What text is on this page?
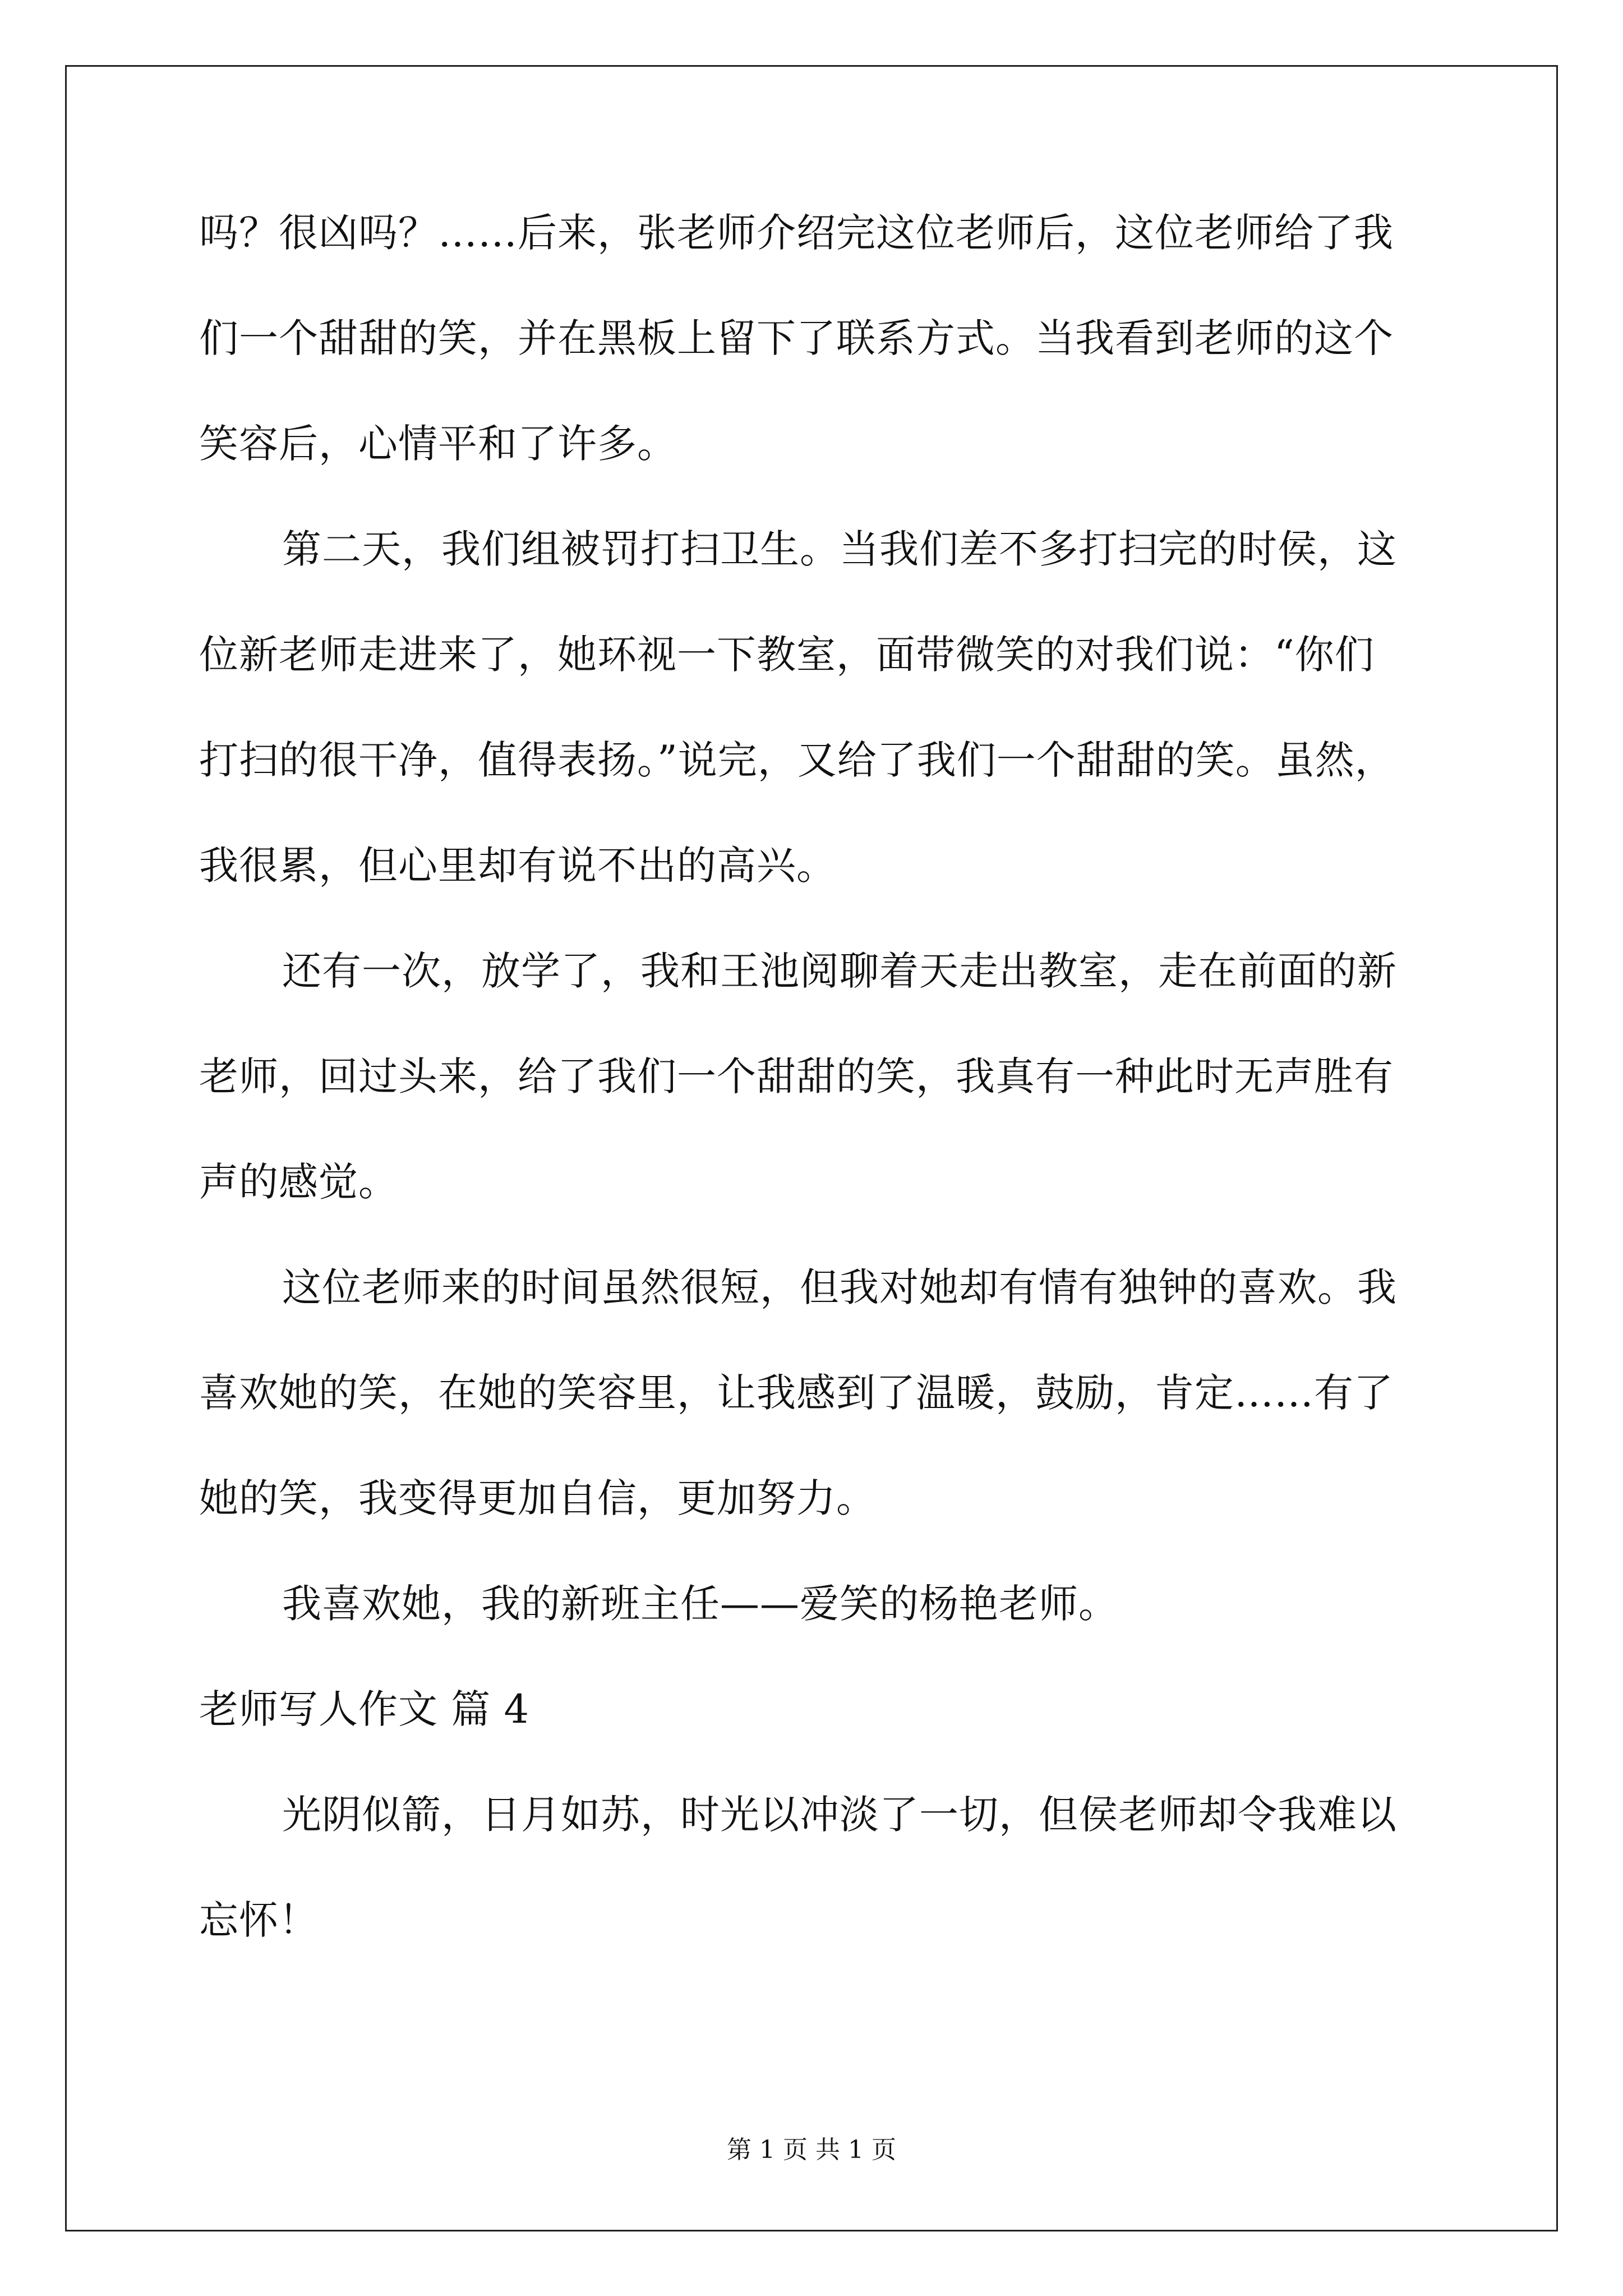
吗？很凶吗？……后来，张老师介绍完这位老师后，这位老师给了我
们一个甜甜的笑，并在黑板上留下了联系方式。当我看到老师的这个
笑容后，心情平和了许多。
第二天，我们组被罚打扫卫生。当我们差不多打扫完的时侯，这
位新老师走进来了，她环视一下教室，面带微笑的对我们说：“你们
打扫的很干净，值得表扬。”说完，又给了我们一个甜甜的笑。虽然，
我很累，但心里却有说不出的高兴。
还有一次，放学了，我和王池阅聊着天走出教室，走在前面的新
老师，回过头来，给了我们一个甜甜的笑，我真有一种此时无声胜有
声的感觉。
这位老师来的时间虽然很短，但我对她却有情有独钟的喜欢。我
喜欢她的笑，在她的笑容里，让我感到了温暖，鼓励，肯定……有了
她的笑，我变得更加自信，更加努力。
我喜欢她，我的新班主任——爱笑的杨艳老师。
老师写人作文 篇 4
光阴似箭，日月如苏，时光以冲淡了一切，但侯老师却令我难以
忘怀！
第 1 页 共 1 页
